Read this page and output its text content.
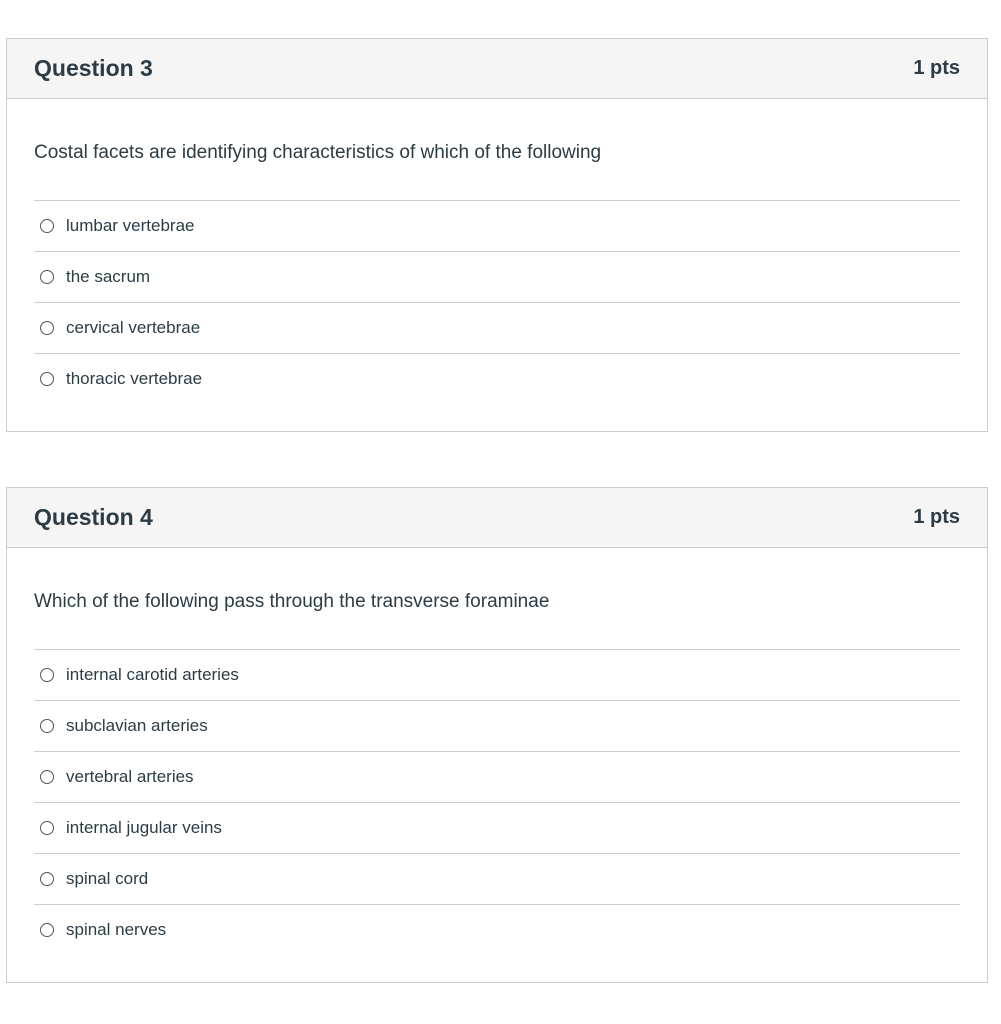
Question 3	1 pts
Costal facets are identifying characteristics of which of the following
lumbar vertebrae
the sacrum
cervical vertebrae
thoracic vertebrae
Question 4	1 pts
Which of the following pass through the transverse foraminae
internal carotid arteries
subclavian arteries
vertebral arteries
internal jugular veins
spinal cord
spinal nerves
